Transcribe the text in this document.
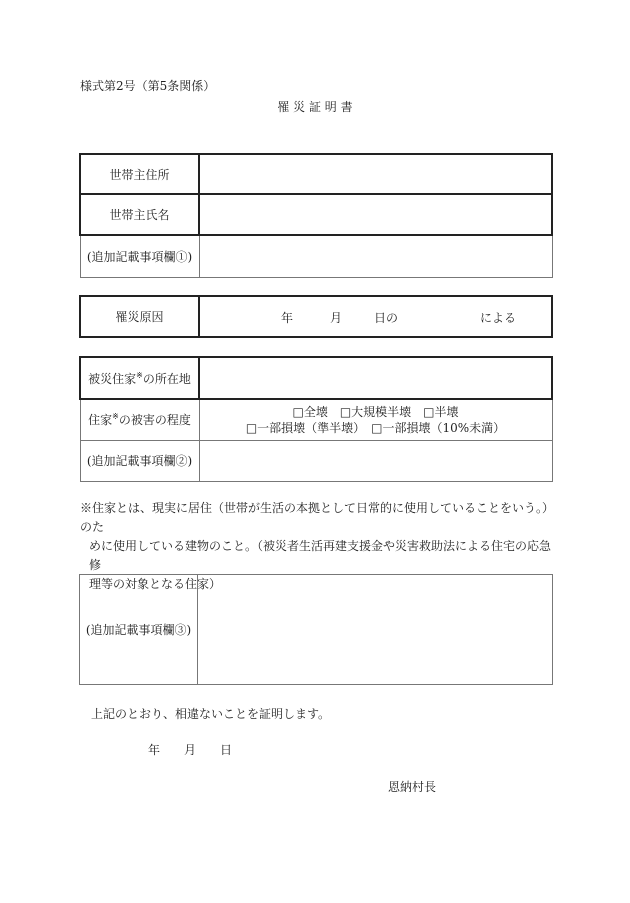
様式第2号（第5条関係）
罹 災 証 明 書
世帯主住所	
世帯主氏名	
(追加記載事項欄①)	
罹災原因	年	月	日の	による
被災住家※の所在地	
住家※の被害の程度	□全壊　□大規模半壊　□半壊
□一部損壊（準半壊）　□一部損壊（10%未満）

(追加記載事項欄②)	
※住家とは、現実に居住（世帯が生活の本拠として日常的に使用していることをいう。）のた
めに使用している建物のこと。（被災者生活再建支援金や災害救助法による住宅の応急修
理等の対象となる住家）
(追加記載事項欄③)	
上記のとおり、相違ないことを証明します。
年 月 日
恩納村長
